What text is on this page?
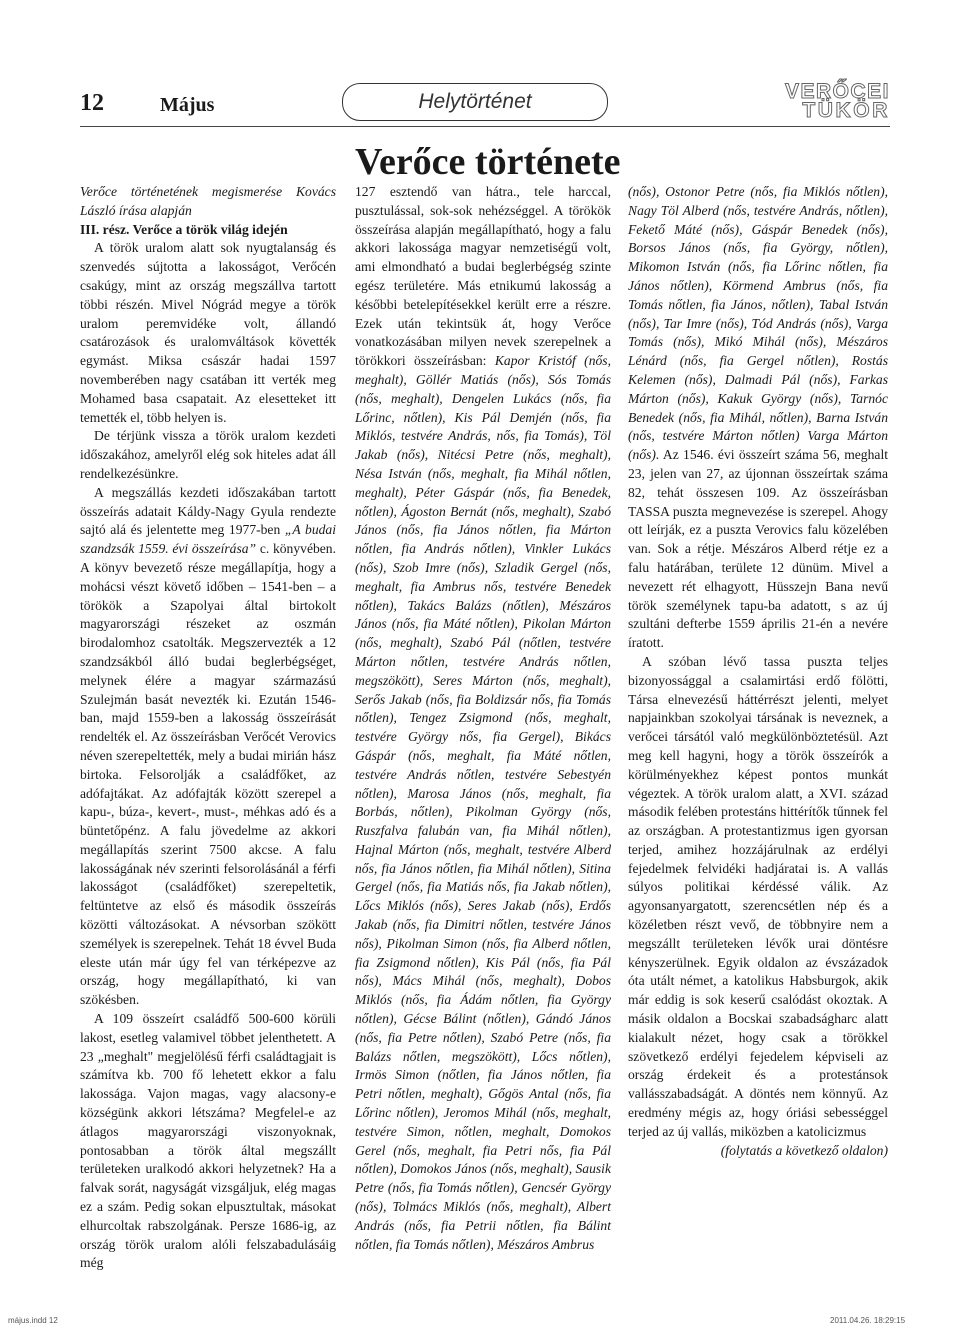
12	Május	Helytörténet	VERŐCEI
TÜKÖR
Verőce története

Verőce történetének megismerése Kovács László írása alapján

III. rész. Verőce a török világ idején

A török uralom alatt sok nyugtalanság és szenvedés sújtotta a lakosságot, Verőcén csakúgy, mint az ország megszállva tartott többi részén. Mivel Nógrád megye a török uralom peremvidéke volt, állandó csatározások és uralomváltások követték egymást. Miksa császár hadai 1597 novemberében nagy csatában itt verték meg Mohamed basa csapatait. Az elesetteket itt temették el, több helyen is.

De térjünk vissza a török uralom kezdeti időszakához, amelyről elég sok hiteles adat áll rendelkezésünkre.

A megszállás kezdeti időszakában tartott összeírás adatait Káldy-Nagy Gyula rendezte sajtó alá és jelentette meg 1977-ben „A budai szandzsák 1559. évi összeírása” c. könyvében. A könyv bevezető része megállapítja, hogy a mohácsi vészt követő időben – 1541-ben – a törökök a Szapolyai által birtokolt magyarországi részeket az oszmán birodalomhoz csatolták. Megszervezték a 12 szandzsákból álló budai beglerbégséget, melynek élére a magyar származású Szulejmán basát nevezték ki. Ezután 1546-ban, majd 1559-ben a lakosság összeírását rendelték el. Az összeírásban Verőcét Verovics néven szerepeltették, mely a budai mirián hász birtoka. Felsorolják a családfőket, az adófajtákat. Az adófajták között szerepel a kapu-, búza-, kevert-, must-, méhkas adó és a büntetőpénz. A falu jövedelme az akkori megállapítás szerint 7500 akcse. A falu lakosságának név szerinti felsorolásánál a férfi lakosságot (családfőket) szerepeltetik, feltüntetve az első és második összeírás közötti változásokat. A névsorban szökött személyek is szerepelnek. Tehát 18 évvel Buda eleste után már úgy fel van térképezve az ország, hogy megállapítható, ki van szökésben.

A 109 összeírt családfő 500-600 körüli lakost, esetleg valamivel többet jelenthetett. A 23 „meghalt" megjelölésű férfi családtagjait is számítva kb. 700 fő lehetett ekkor a falu lakossága. Vajon magas, vagy alacsony-e községünk akkori létszáma? Megfelel-e az átlagos magyarországi viszonyoknak, pontosabban a török által megszállt területeken uralkodó akkori helyzetnek? Ha a falvak sorát, nagyságát vizsgáljuk, elég magas ez a szám. Pedig sokan elpusztultak, másokat elhurcoltak rabszolgának. Persze 1686-ig, az ország török uralom alóli felszabadulásáig még

127 esztendő van hátra., tele harccal, pusztulással, sok-sok nehézséggel. A törökök összeírása alapján megállapítható, hogy a falu akkori lakossága magyar nemzetiségű volt, ami elmondható a budai beglerbégség szinte egész területére. Más etnikumú lakosság a későbbi betelepítésekkel került erre a részre. Ezek után tekintsük át, hogy Verőce vonatkozásában milyen nevek szerepelnek a törökkori összeírásban: Kapor Kristóf (nős, meghalt), Göllér Matiás (nős), Sós Tomás (nős, meghalt), Dengelen Lukács (nős, fia Lőrinc, nőtlen), Kis Pál Demjén (nős, fia Miklós, testvére András, nős, fia Tomás), Töl Jakab (nős), Nitécsi Petre (nős, meghalt), Nésa István (nős, meghalt, fia Mihál nőtlen, meghalt), Péter Gáspár (nős, fia Benedek, nőtlen), Ágoston Bernát (nős, meghalt), Szabó János (nős, fia János nőtlen, fia Márton nőtlen, fia András nőtlen), Vinkler Lukács (nős), Szob Imre (nős), Szladik Gergel (nős, meghalt, fia Ambrus nős, testvére Benedek nőtlen), Takács Balázs (nőtlen), Mészáros János (nős, fia Máté nőtlen), Pikolan Márton (nős, meghalt), Szabó Pál (nőtlen, testvére Márton nőtlen, testvére András nőtlen, megszökött), Seres Márton (nős, meghalt), Serős Jakab (nős, fia Boldizsár nős, fia Tomás nőtlen), Tengez Zsigmond (nős, meghalt, testvére György nős, fia Gergel), Bikács Gáspár (nős, meghalt, fia Máté nőtlen, testvére András nőtlen, testvére Sebestyén nőtlen), Marosa János (nős, meghalt, fia Borbás, nőtlen), Pikolman György (nős, Ruszfalva falubán van, fia Mihál nőtlen), Hajnal Márton (nős, meghalt, testvére Alberd nős, fia János nőtlen, fia Mihál nőtlen), Sitina Gergel (nős, fia Matiás nős, fia Jakab nőtlen), Lőcs Miklós (nős), Seres Jakab (nős), Erdős Jakab (nős, fia Dimitri nőtlen, testvére János nős), Pikolman Simon (nős, fia Alberd nőtlen, fia Zsigmond nőtlen), Kis Pál (nős, fia Pál nős), Mács Mihál (nős, meghalt), Dobos Miklós (nős, fia Ádám nőtlen, fia György nőtlen), Gécse Bálint (nőtlen), Gándó János (nős, fia Petre nőtlen), Szabó Petre (nős, fia Balázs nőtlen, megszökött), Lőcs nőtlen), Irmös Simon (nőtlen, fia János nőtlen, fia Petri nőtlen, meghalt), Gőgös Antal (nős, fia Lőrinc nőtlen), Jeromos Mihál (nős, meghalt, testvére Simon, nőtlen, meghalt, Domokos Gerel (nős, meghalt, fia Petri nős, fia Pál nőtlen), Domokos János (nős, meghalt), Sausik Petre (nős, fia Tomás nőtlen), Gencsér György (nős), Tolmács Miklós (nős, meghalt), Albert András (nős, fia Petrii nőtlen, fia Bálint nőtlen, fia Tomás nőtlen), Mészáros Ambrus

(nős), Ostonor Petre (nős, fia Miklós nőtlen), Nagy Töl Alberd (nős, testvére András, nőtlen), Fekető Máté (nős), Gáspár Benedek (nős), Borsos János (nős, fia György, nőtlen), Mikomon István (nős, fia Lőrinc nőtlen, fia János nőtlen), Körmend Ambrus (nős, fia Tomás nőtlen, fia János, nőtlen), Tabal István (nős), Tar Imre (nős), Tód András (nős), Varga Tomás (nős), Mikó Mihál (nős), Mészáros Lénárd (nős, fia Gergel nőtlen), Rostás Kelemen (nős), Dalmadi Pál (nős), Farkas Márton (nős), Kakuk György (nős), Tarnóc Benedek (nős, fia Mihál, nőtlen), Barna István (nős, testvére Márton nőtlen) Varga Márton (nős). Az 1546. évi összeírt száma 56, meghalt 23, jelen van 27, az újonnan összeírtak száma 82, tehát összesen 109. Az összeírásban TASSA puszta megnevezése is szerepel. Ahogy ott leírják, ez a puszta Verovics falu közelében van. Sok a rétje. Mészáros Alberd rétje ez a falu határában, területe 12 dünüm. Mivel a nevezett rét elhagyott, Hüsszejn Bana nevű török személynek tapu-ba adatott, s az új szultáni defterbe 1559 április 21-én a nevére íratott.

A szóban lévő tassa puszta teljes bizonyossággal a csalamirtási erdő fölötti, Társa elnevezésű háttérrészt jelenti, melyet napjainkban szokolyai társának is neveznek, a verőcei társától való megkülönböztetésül. Azt meg kell hagyni, hogy a török összeírók a körülményekhez képest pontos munkát végeztek. A török uralom alatt, a XVI. század második felében protestáns hittérítők tűnnek fel az országban. A protestantizmus igen gyorsan terjed, amihez hozzájárulnak az erdélyi fejedelmek felvidéki hadjáratai is. A vallás súlyos politikai kérdéssé válik. Az agyonsanyargatott, szerencsétlen nép és a közéletben részt vevő, de többnyire nem a megszállt területeken lévők urai döntésre kényszerülnek. Egyik oldalon az évszázadok óta utált német, a katolikus Habsburgok, akik már eddig is sok keserű csalódást okoztak. A másik oldalon a Bocskai szabadságharc alatt kialakult nézet, hogy csak a törökkel szövetkező erdélyi fejedelem képviseli az ország érdekeit és a protestánsok vallásszabadságát. A döntés nem könnyű. Az eredmény mégis az, hogy óriási sebességgel terjed az új vallás, miközben a katolicizmus

(folytatás a következő oldalon)

május.indd 12	2011.04.26. 18:29:15
